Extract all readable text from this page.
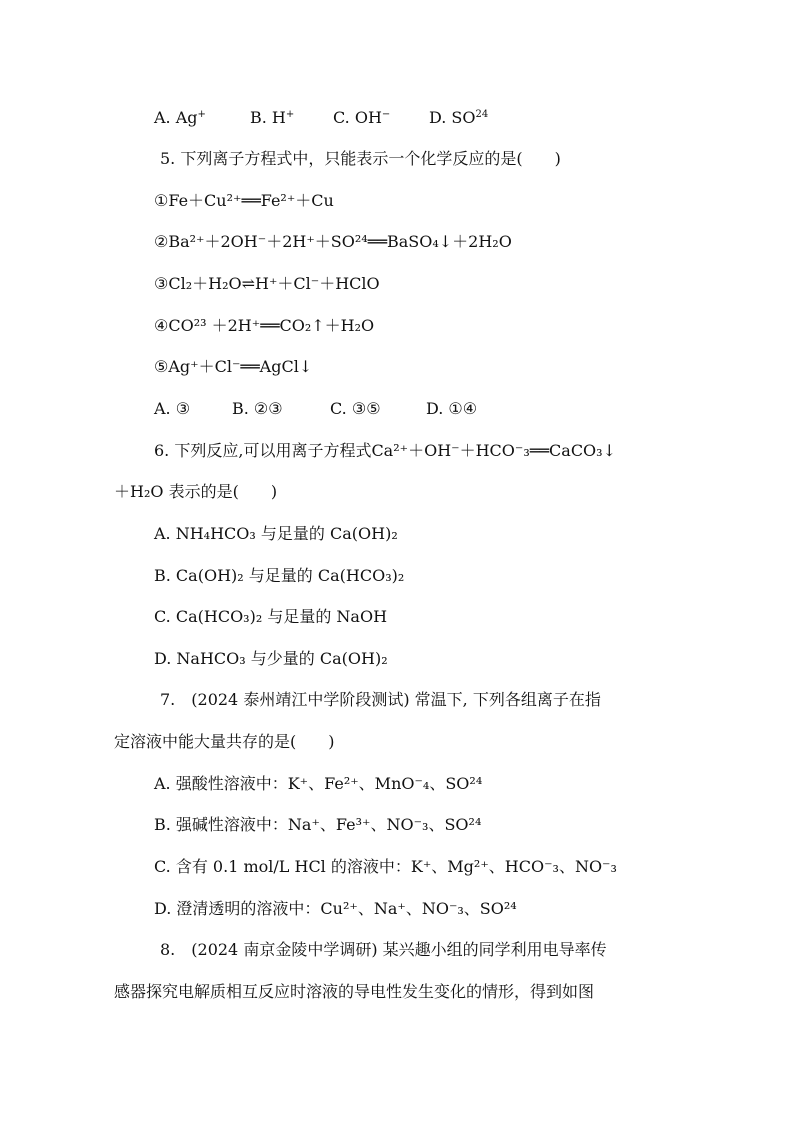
A. Ag+	B. H+ C. OH− D. SO$^{24}$
5. 下列离子方程式中，只能表示一个化学反应的是(　　)
①Fe＋Cu²⁺══Fe²⁺＋Cu
②Ba²⁺＋2OH⁻＋2H⁺＋SO²⁴══BaSO₄↓＋2H₂O
③Cl₂＋H₂O⇌H⁺＋Cl⁻＋HClO
④CO²³ ＋2H⁺══CO₂↑＋H₂O
⑤Ag⁺＋Cl⁻══AgCl↓
A. ③	B. ②③	C. ③⑤	D. ①④
6. 下列反应,可以用离子方程式Ca²⁺＋OH⁻＋HCO⁻₃══CaCO₃↓
＋H₂O 表示的是(　　)
A. NH₄HCO₃ 与足量的 Ca(OH)₂
B. Ca(OH)₂ 与足量的 Ca(HCO₃)₂
C. Ca(HCO₃)₂ 与足量的 NaOH
D. NaHCO₃ 与少量的 Ca(OH)₂
7.　(2024 泰州靖江中学阶段测试) 常温下, 下列各组离子在指
定溶液中能大量共存的是(　　)
A. 强酸性溶液中：K⁺、Fe²⁺、MnO⁻₄、SO²⁴
B. 强碱性溶液中：Na⁺、Fe³⁺、NO⁻₃、SO²⁴
C. 含有 0.1 mol/L HCl 的溶液中：K⁺、Mg²⁺、HCO⁻₃、NO⁻₃
D. 澄清透明的溶液中：Cu²⁺、Na⁺、NO⁻₃、SO²⁴
8.　(2024 南京金陵中学调研) 某兴趣小组的同学利用电导率传
感器探究电解质相互反应时溶液的导电性发生变化的情形，得到如图
